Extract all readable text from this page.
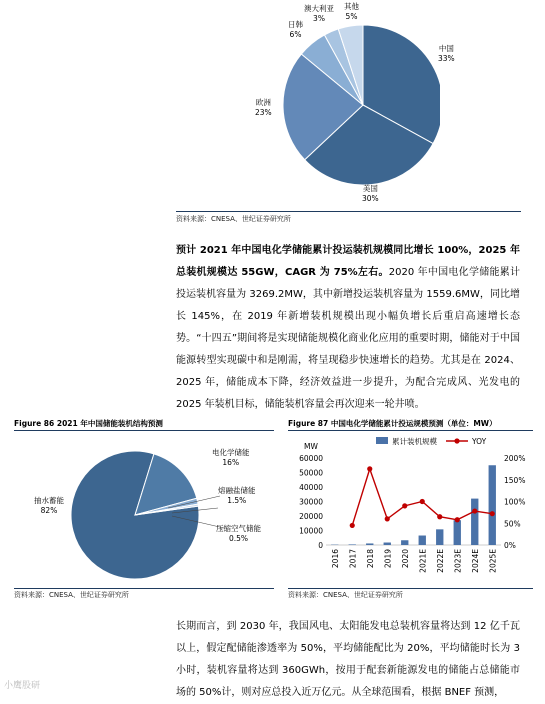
中国
33%
美国
30%
欧洲
23%
日韩
6%
澳大利亚
3%
其他
5%
资料来源：CNESA、世纪证券研究所
预计 2021 年中国电化学储能累计投运装机规模同比增长 100%，2025 年总装机规模达 55GW，CAGR 为 75%左右。2020 年中国电化学储能累计投运装机容量为 3269.2MW，其中新增投运装机容量为 1559.6MW，同比增长 145%，在 2019 年新增装机规模出现小幅负增长后重启高速增长态势。“十四五”期间将是实现储能规模化商业化应用的重要时期，储能对于中国能源转型实现碳中和是刚需，将呈现稳步快速增长的趋势。尤其是在 2024、2025 年，储能成本下降，经济效益进一步提升，为配合完成风、光发电的 2025 年装机目标，储能装机容量会再次迎来一轮井喷。
Figure 86 2021 年中国储能装机结构预测
抽水蓄能
82%
电化学储能
16%
熔融盐储能
1.5%
压缩空气储能
0.5%
资料来源：CNESA、世纪证券研究所
Figure 87 中国电化学储能累计投运规模预测（单位：MW）
累计装机规模	YOY
MW
0
10000
20000
30000
40000
50000
60000
0%
50%
100%
150%
200%
2016 2017 2018 2019 2020 2021E 2022E 2023E 2024E 2025E
资料来源：CNESA、世纪证券研究所
长期而言，到 2030 年，我国风电、太阳能发电总装机容量将达到 12 亿千瓦以上，假定配储能渗透率为 50%，平均储能配比为 20%，平均储能时长为 3 小时，装机容量将达到 360GWh，按用于配套新能源发电的储能占总储能市场的 50%计，则对应总投入近万亿元。从全球范围看，根据 BNEF 预测，
小鹰股研
